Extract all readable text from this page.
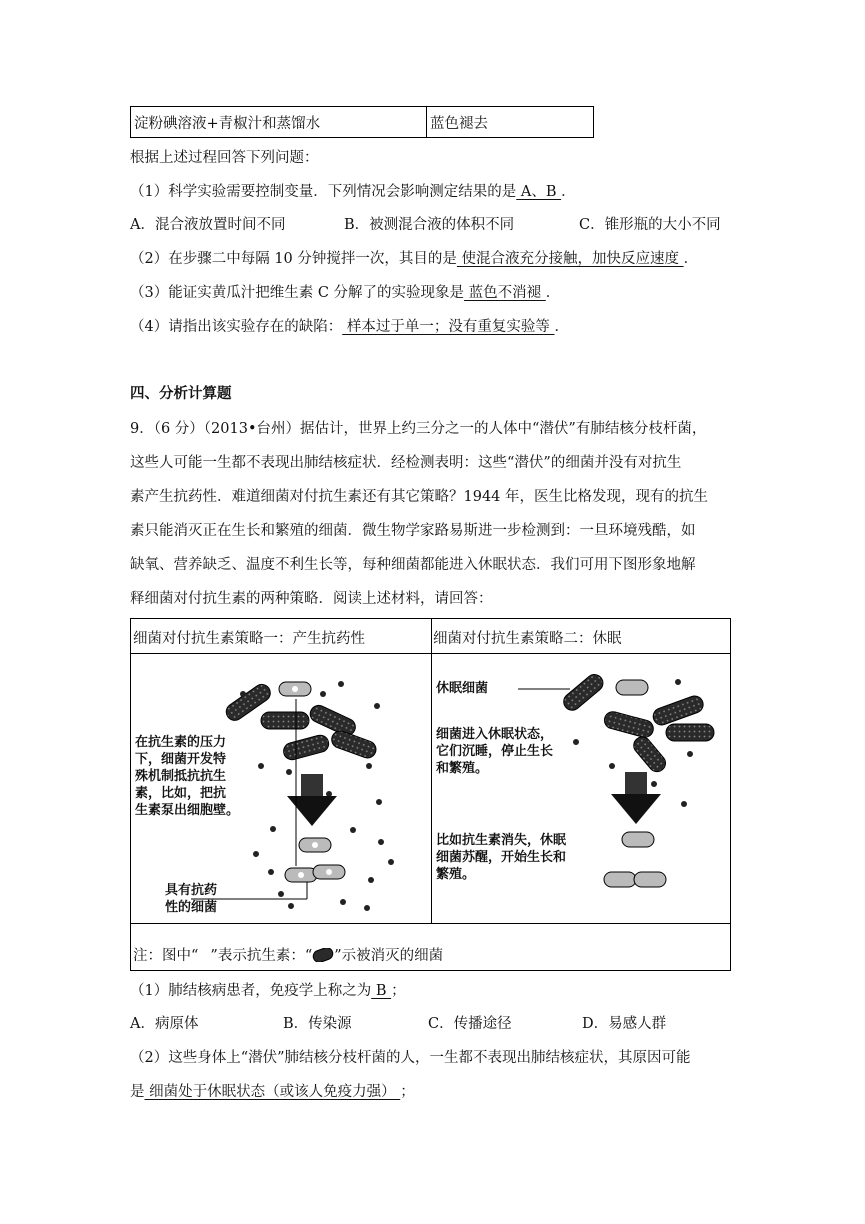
淀粉碘溶液+青椒汁和蒸馏水	蓝色褪去
根据上述过程回答下列问题：
（1）科学实验需要控制变量．下列情况会影响测定结果的是 A、B ．
A．混合液放置时间不同	B．被测混合液的体积不同	C．锥形瓶的大小不同
（2）在步骤二中每隔 10 分钟搅拌一次，其目的是 使混合液充分接触，加快反应速度 ．
（3）能证实黄瓜汁把维生素 C 分解了的实验现象是 蓝色不消褪 ．
（4）请指出该实验存在的缺陷： 样本过于单一；没有重复实验等 ．
四、分析计算题
9．（6 分）（2013•台州）据估计，世界上约三分之一的人体中“潜伏”有肺结核分枝杆菌，
这些人可能一生都不表现出肺结核症状．经检测表明：这些“潜伏”的细菌并没有对抗生
素产生抗药性．难道细菌对付抗生素还有其它策略？1944 年，医生比格发现，现有的抗生
素只能消灭正在生长和繁殖的细菌．微生物学家路易斯进一步检测到：一旦环境残酷，如
缺氧、营养缺乏、温度不利生长等，每种细菌都能进入休眠状态．我们可用下图形象地解
释细菌对付抗生素的两种策略．阅读上述材料，请回答：
细菌对付抗生素策略一：产生抗药性	细菌对付抗生素策略二：休眠
在抗生素的压力
下，细菌开发特
殊机制抵抗抗生
素，比如，把抗
生素泵出细胞壁。
具有抗药
性的细菌
休眠细菌
细菌进入休眠状态，
它们沉睡，停止生长
和繁殖。
比如抗生素消失，休眠
细菌苏醒，开始生长和
繁殖。
注：图中“ ”表示抗生素：“ ”示被消灭的细菌
（1）肺结核病患者，免疫学上称之为 B ；
A．病原体	B．传染源	C．传播途径	D．易感人群
（2）这些身体上“潜伏”肺结核分枝杆菌的人，一生都不表现出肺结核症状，其原因可能
是 细菌处于休眠状态（或该人免疫力强） ；
